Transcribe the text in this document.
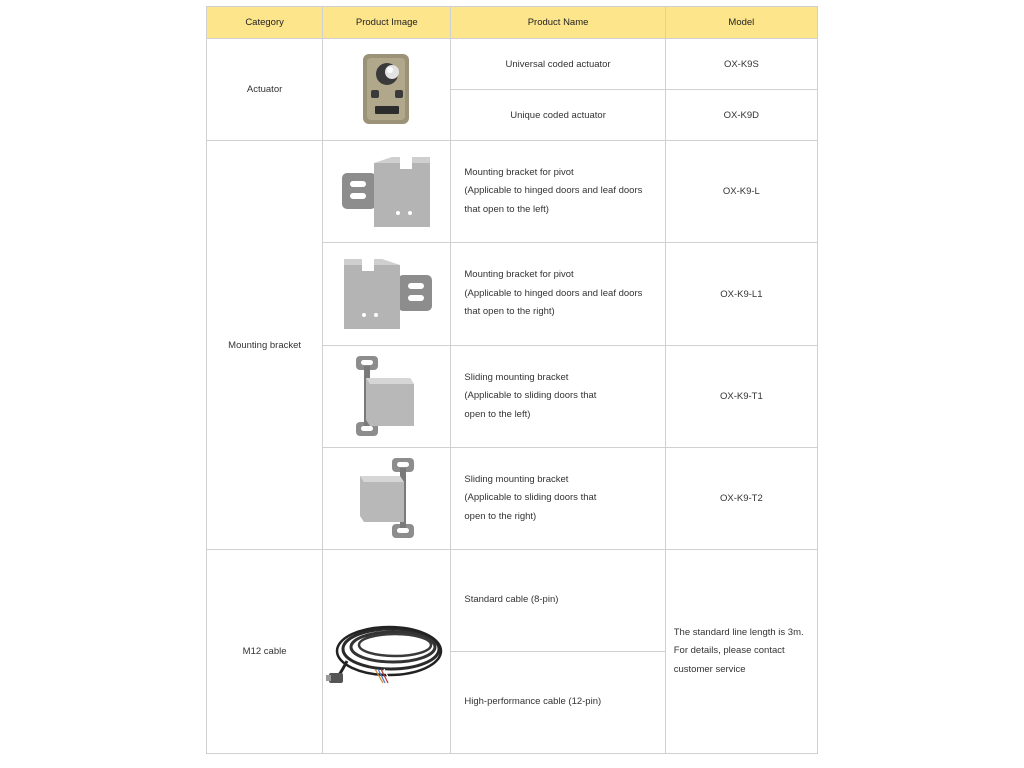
Category	Product Image	Product Name	Model
Actuator		Universal coded actuator	OX-K9S
		Unique coded actuator	OX-K9D
Mounting bracket		Mounting bracket for pivot
(Applicable to hinged doors and leaf doors
that open to the left)	OX-K9-L

Mounting bracket for pivot
(Applicable to hinged doors and leaf doors
that open to the right)	OX-K9-L1

Sliding mounting bracket
(Applicable to sliding doors that
open to the left)	OX-K9-T1

Sliding mounting bracket
(Applicable to sliding doors that
open to the right)	OX-K9-T2
M12 cable		Standard cable (8-pin)	The standard line length is 3m.
For details, please contact
customer service

		High-performance cable (12-pin)	
